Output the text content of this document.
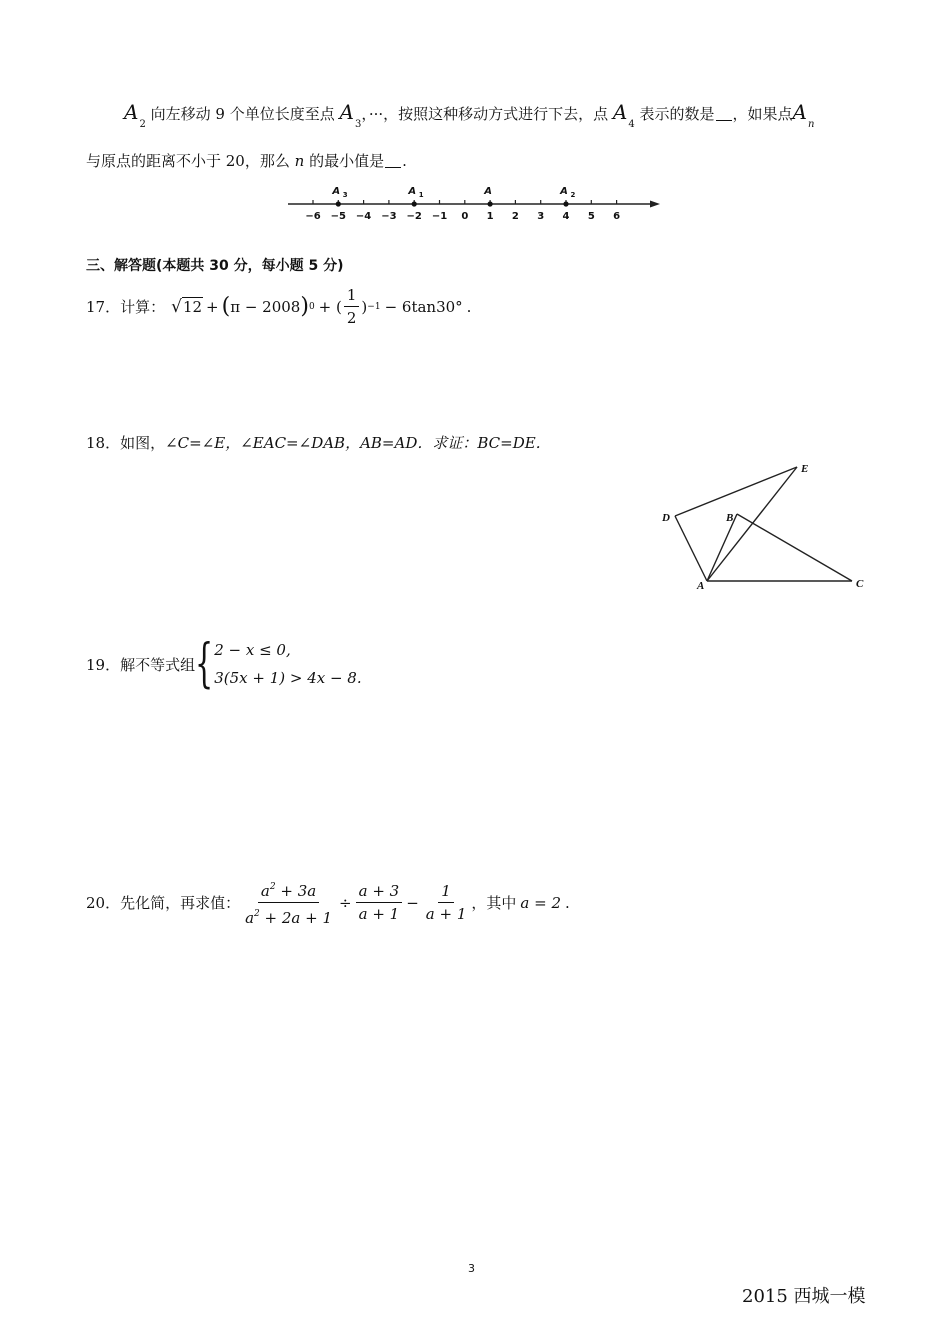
$A_2$ 向左移动 9 个单位长度至点 $A_3$，···，按照这种移动方式进行下去，点 $A_4$ 表示的数是 ，如果点$A_n$
与原点的距离不小于 20，那么 n 的最小值是 .
−6 −5 −4 −3 −2 −1 0 1 2 3 4 5 6
A 3	A 1	A	A 2
三、解答题(本题共 30 分，每小题 5 分)
17．计算： √ 12 + ( π − 2008 ) 0 + ( $\frac{1}{2}$ ) −1 − 6tan30° .
18．如图，∠C=∠E，∠EAC=∠DAB，AB=AD．求证：BC=DE．
D	B
E
A	C
19．解不等式组 { 2 − x ≤ 0,
3(5x + 1) > 4x − 8.
20．先化简，再求值： $\frac{a^2 + 3a}{a^2 + 2a + 1} \div \frac{a + 3}{a + 1} - \frac{1}{a + 1}$ ，其中 a = 2 .
3
2015 西城一模
